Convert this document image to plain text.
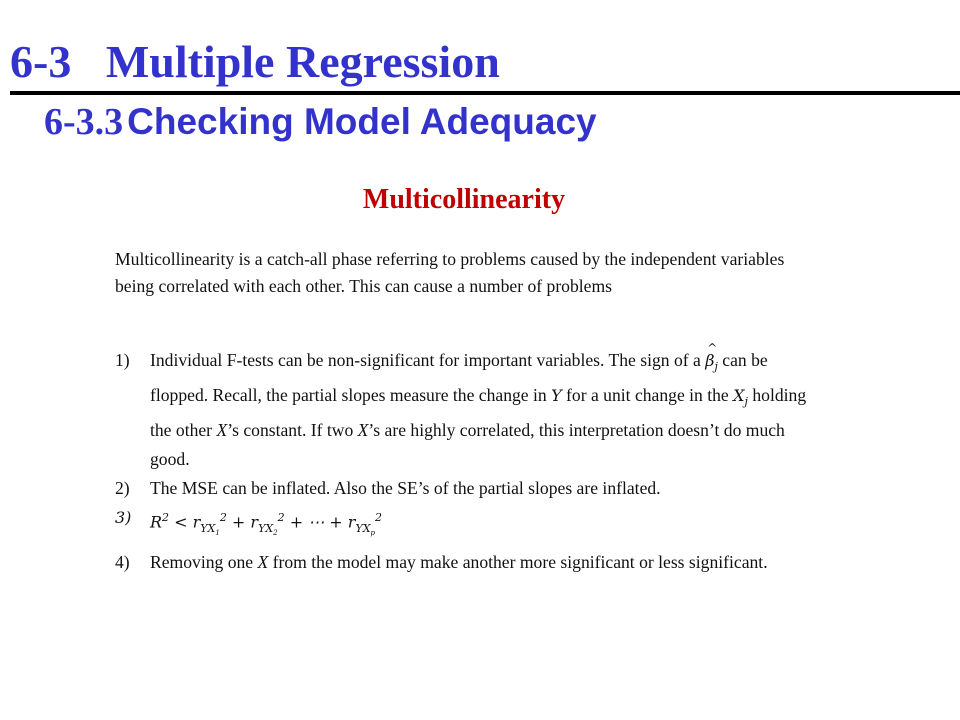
6-3   Multiple Regression
6-3.3 Checking Model Adequacy
Multicollinearity
Multicollinearity is a catch-all phase referring to problems caused by the independent variables being correlated with each other. This can cause a number of problems
1)	Individual F-tests can be non-significant for important variables. The sign of a ^ $\beta_j$ can be flopped. Recall, the partial slopes measure the change in Y for a unit change in the $X_j$ holding the other X’s constant. If two X’s are highly correlated, this interpretation doesn’t do much good.
2)	The MSE can be inflated. Also the SE’s of the partial slopes are inflated.
3)	$R^2 < r_{YX_1}^2 + r_{YX_2}^2$ + ⋯ + $r_{YX_p}^2$
4)	Removing one X from the model may make another more significant or less significant.
